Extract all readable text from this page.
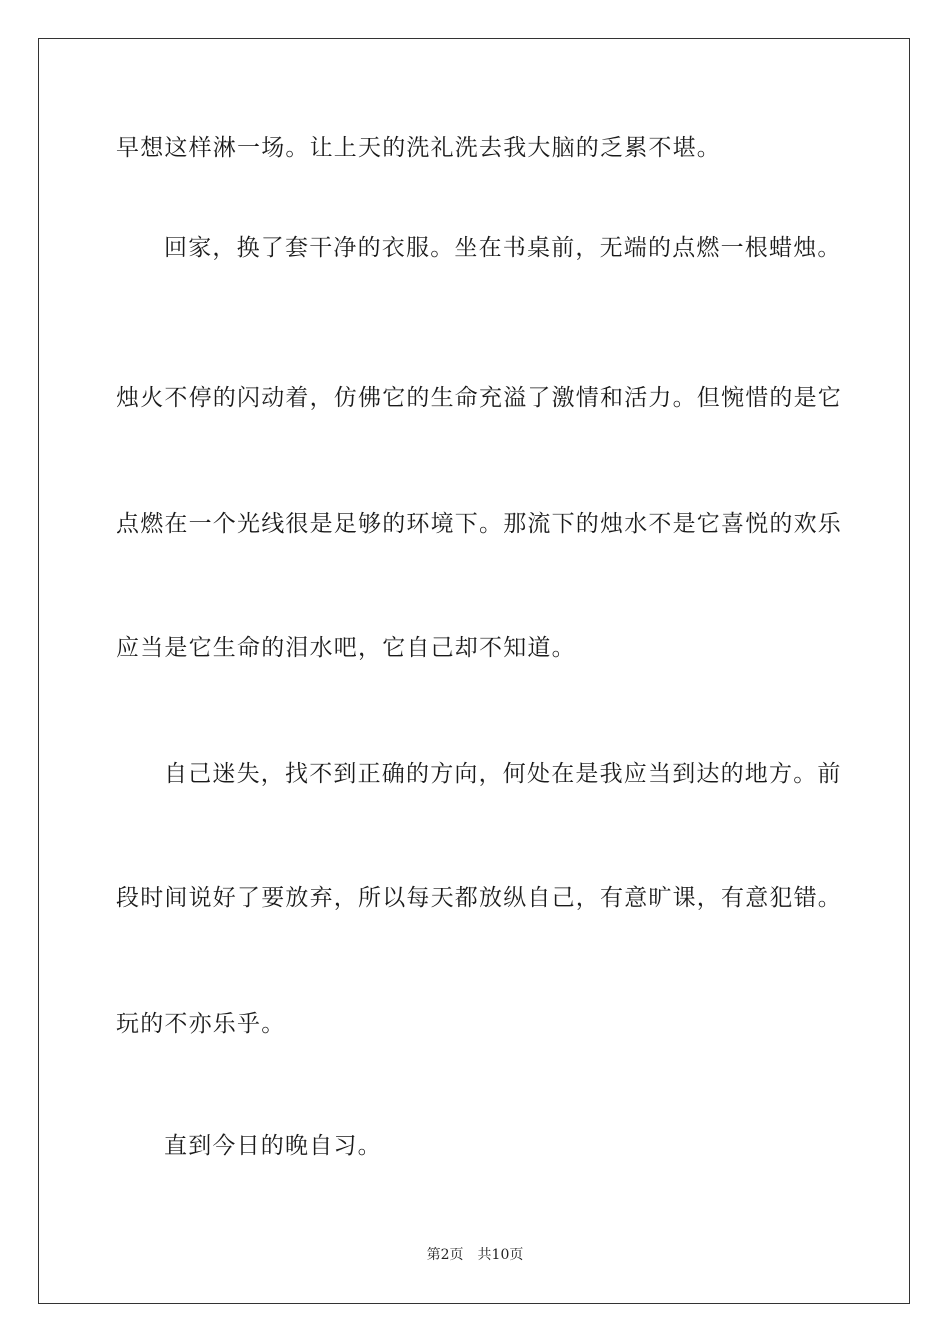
早想这样淋一场。让上天的洗礼洗去我大脑的乏累不堪。
回家，换了套干净的衣服。坐在书桌前，无端的点燃一根蜡烛。
烛火不停的闪动着，仿佛它的生命充溢了激情和活力。但惋惜的是它
点燃在一个光线很是足够的环境下。那流下的烛水不是它喜悦的欢乐
应当是它生命的泪水吧，它自己却不知道。
自己迷失，找不到正确的方向，何处在是我应当到达的地方。前
段时间说好了要放弃，所以每天都放纵自己，有意旷课，有意犯错。
玩的不亦乐乎。
直到今日的晚自习。
第2页 共10页
